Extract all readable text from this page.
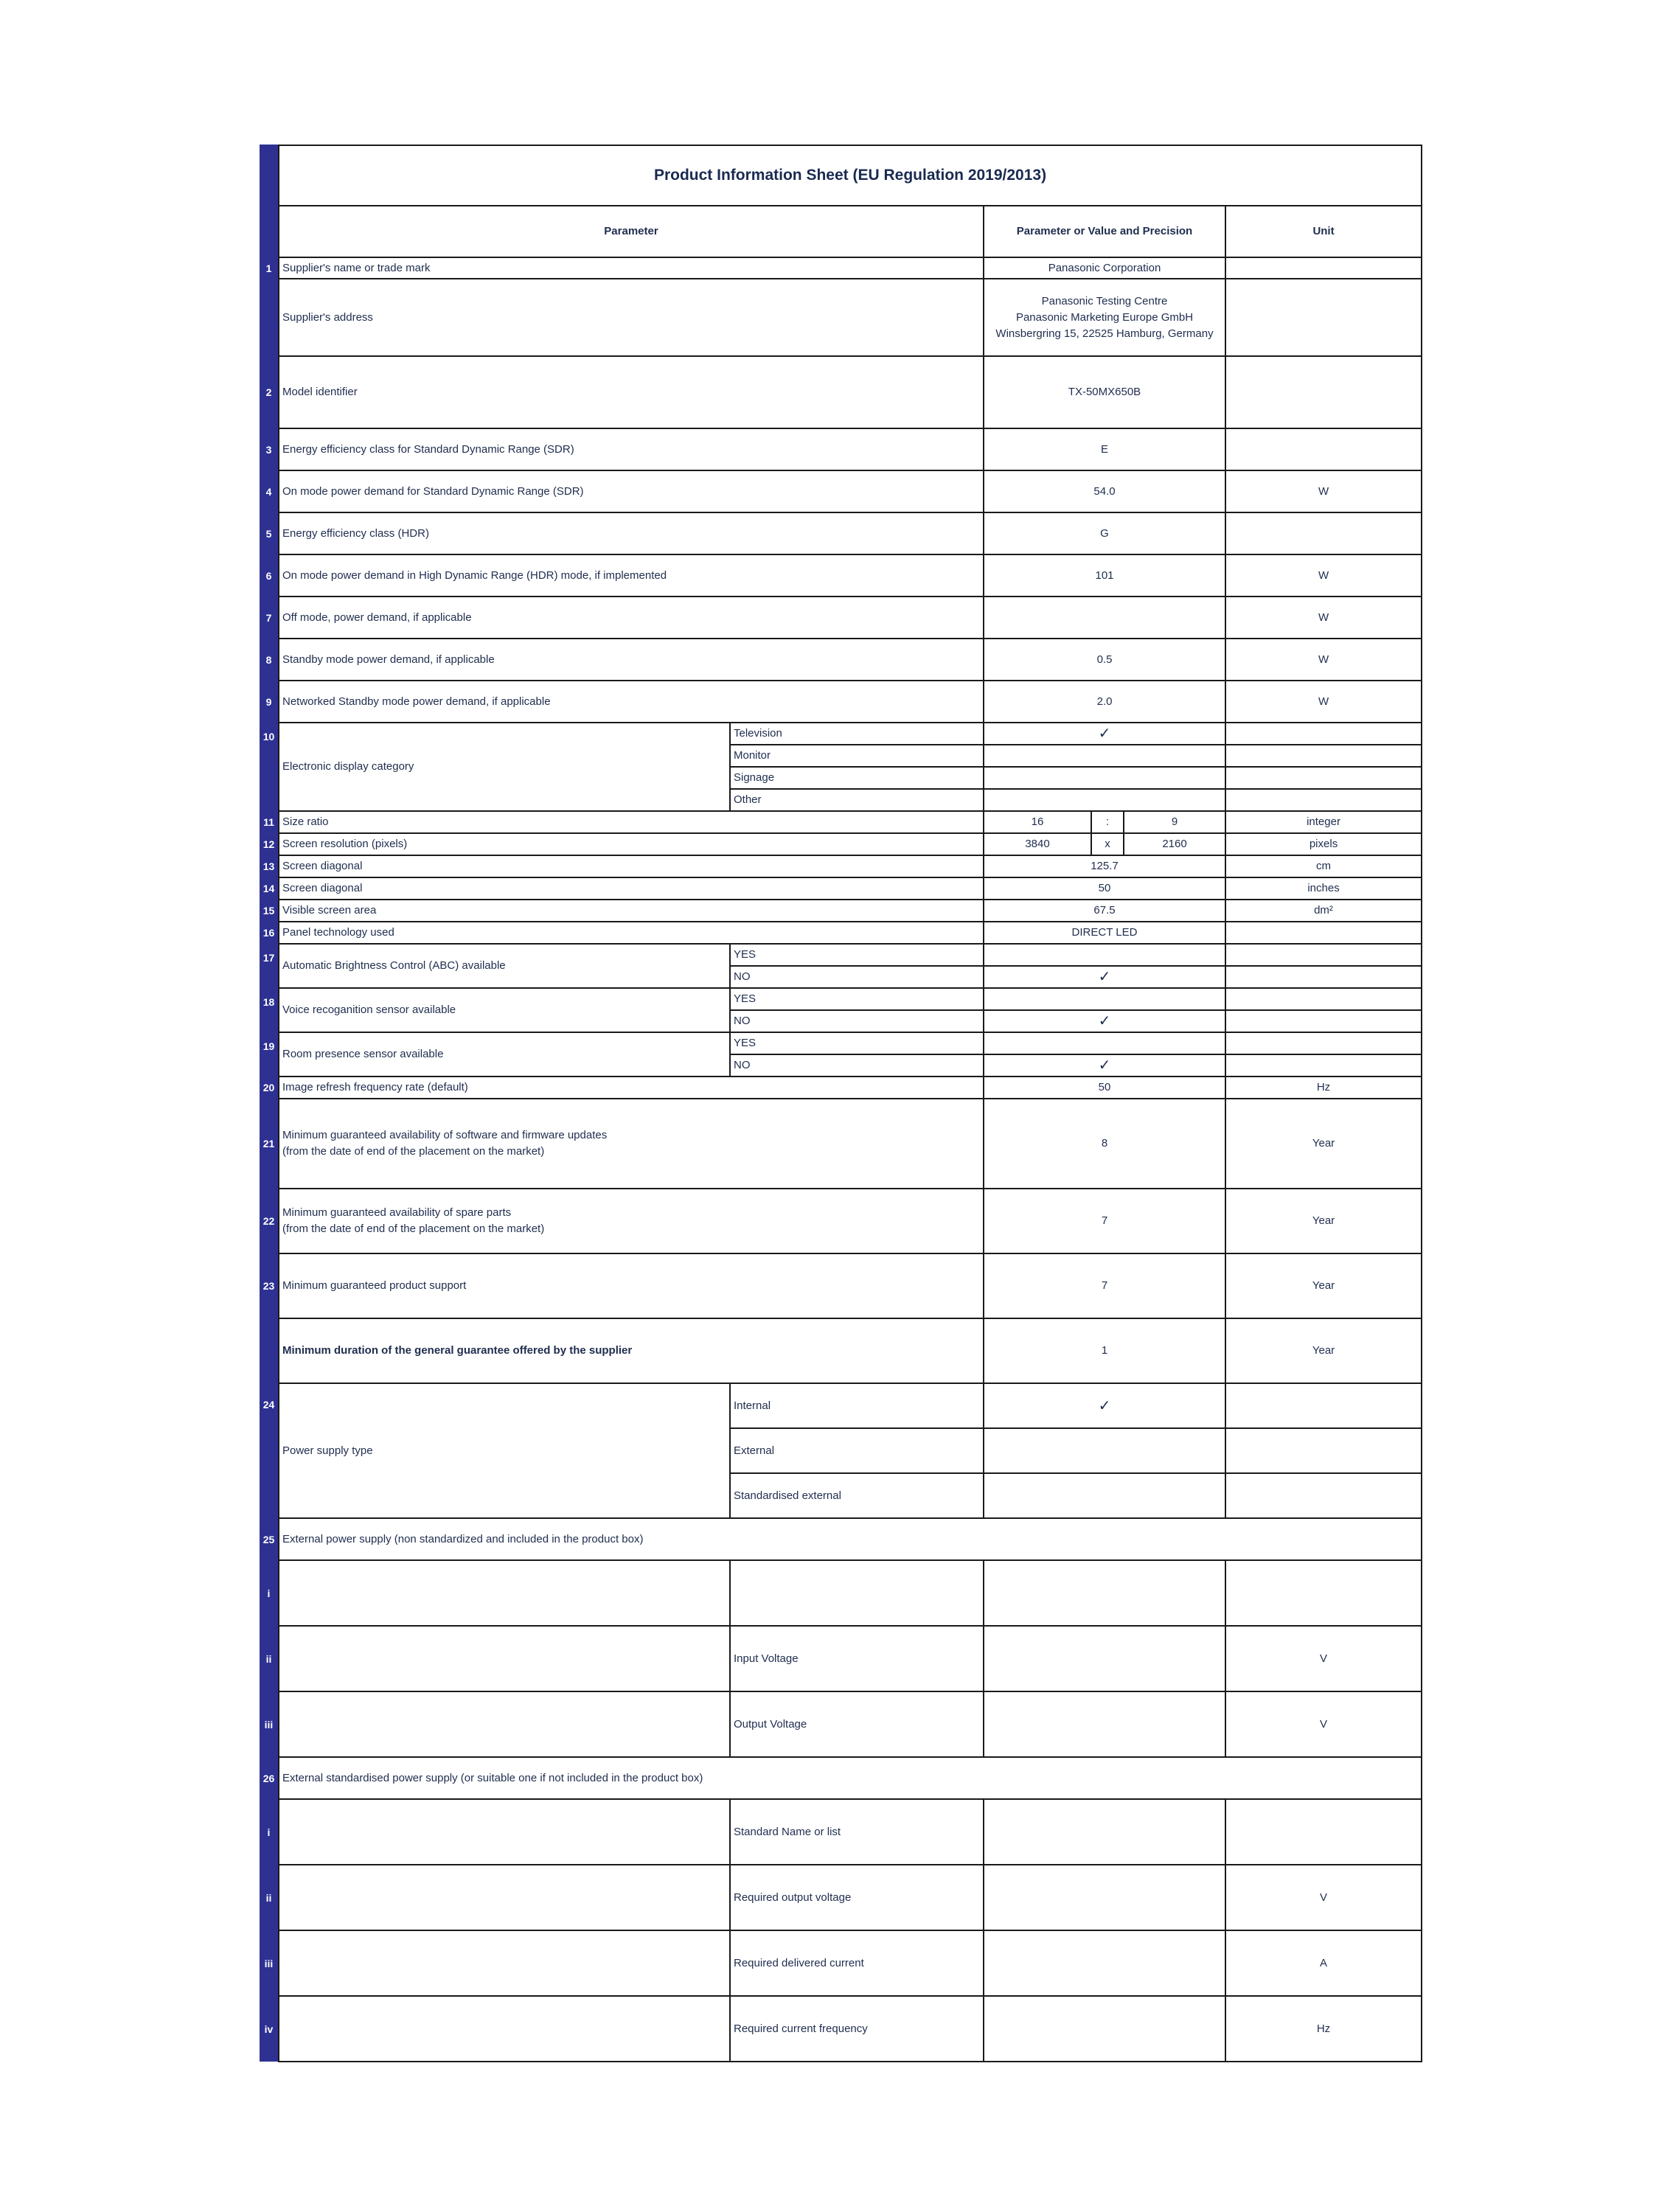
	Product Information Sheet (EU Regulation 2019/2013)					
	Parameter		Parameter or Value and Precision			Unit
1	Supplier's name or trade mark		Panasonic Corporation			
	Supplier's address		Panasonic Testing Centre
Panasonic Marketing Europe GmbH
Winsbergring 15, 22525 Hamburg, Germany			

2	Model identifier		TX-50MX650B			
3	Energy efficiency class for Standard Dynamic Range (SDR)		E			
4	On mode power demand for Standard Dynamic Range (SDR)		54.0			W
5	Energy efficiency class (HDR)		G			
6	On mode power demand in High Dynamic Range (HDR) mode, if implemented		101			W
7	Off mode, power demand, if applicable					W
8	Standby mode power demand, if applicable		0.5			W
9	Networked Standby mode power demand, if applicable		2.0			W
10	Electronic display category	Television	✓			
		Monitor				
		Signage				
		Other				
11	Size ratio		16	:	9	integer
12	Screen resolution (pixels)		3840	x	2160	pixels
13	Screen diagonal		125.7			cm
14	Screen diagonal		50			inches
15	Visible screen area		67.5			dm²
16	Panel technology used		DIRECT LED			
17	Automatic Brightness Control (ABC) available	YES				
		NO	✓			
18	Voice recoganition sensor available	YES				
		NO	✓			
19	Room presence sensor available	YES				
		NO	✓			
20	Image refresh frequency rate (default)		50			Hz
21	Minimum guaranteed availability of software and firmware updates
(from the date of end of the placement on the market)		8			Year
22	Minimum guaranteed availability of spare parts
(from the date of end of the placement on the market)		7			Year
23	Minimum guaranteed product support		7			Year
	Minimum duration of the general guarantee offered by the supplier		1			Year
24	Power supply type	Internal	✓			
		External				
		Standardised external				
25	External power supply (non standardized and included in the product box)					
i						
ii		Input Voltage				V
iii		Output Voltage				V
26	External standardised power supply (or suitable one if not included in the product box)					
i		Standard Name or list				
ii		Required output voltage				V
iii		Required delivered current				A
iv		Required current frequency				Hz
